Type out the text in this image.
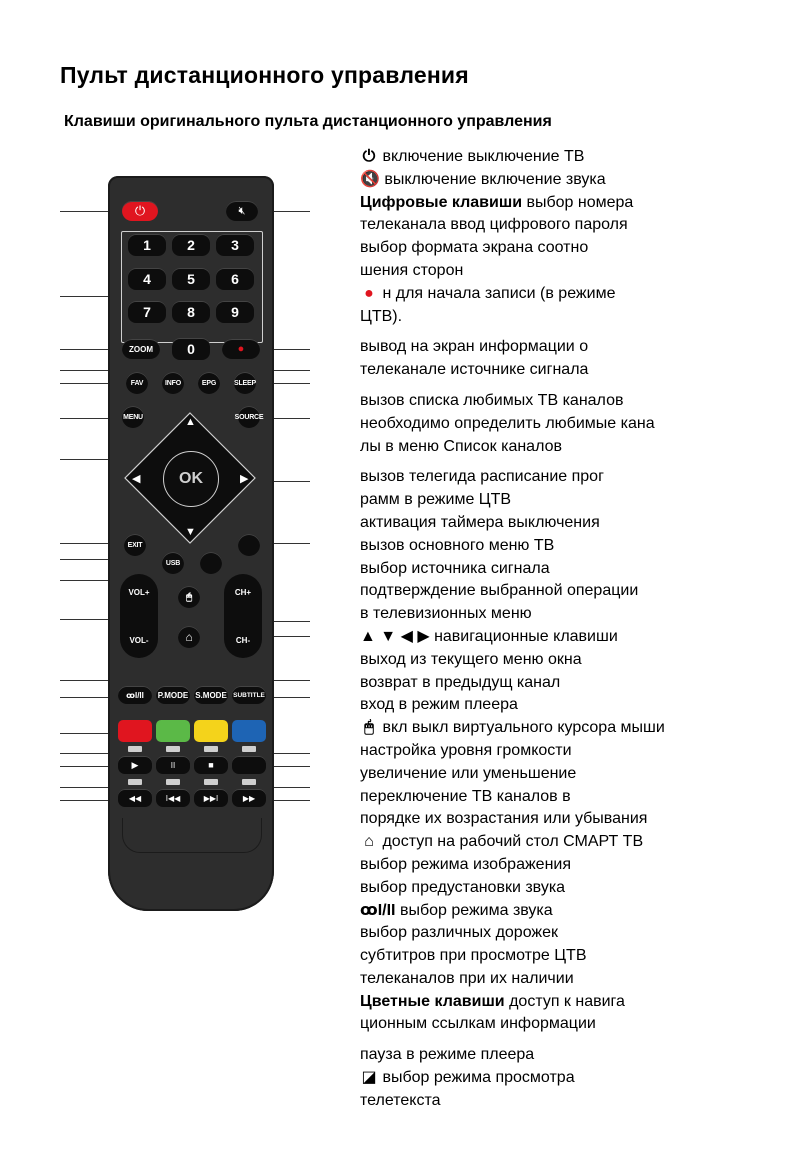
Пульт дистанционного управления
Клавиши оригинального пульта дистанционного управления
⏻	🔇︎
1	2	3
4	5	6
7	8	9
0
ZOOM	●
FAV	INFO	EPG	SLEEP
MENU	SOURCE
▲
▼
◀	▶
OK
EXIT
USB
VOL+
VOL-
CH+
CH-
🖱︎
⌂
ꝏI/II	P.MODE S.MODE SUBTITLE
▶	II	■
◀◀	I◀◀	▶▶I	▶▶

⏻ включение выключение ТВ

🔇 выключение включение звука

Цифровые клавиши выбор номера

телеканала ввод цифрового пароля

выбор формата экрана соотно

шения сторон

● н для начала записи (в режиме

ЦТВ).

вывод на экран информации о

телеканале источнике сигнала

вызов списка любимых ТВ каналов

необходимо определить любимые кана

лы в меню Список каналов

вызов телегида расписание прог

рамм в режиме ЦТВ

активация таймера выключения

вызов основного меню ТВ

выбор источника сигнала

подтверждение выбранной операции

в телевизионных меню

▲ ▼ ◀ ▶ навигационные клавиши

выход из текущего меню окна

возврат в предыдущ канал

вход в режим плеера

🖱 вкл выкл виртуального курсора мыши

настройка уровня громкости

увеличение или уменьшение

переключение ТВ каналов в

порядке их возрастания или убывания

⌂ доступ на рабочий стол СМАРТ ТВ

выбор режима изображения

выбор предустановки звука

ꝏI/II выбор режима звука

выбор различных дорожек

субтитров при просмотре ЦТВ

телеканалов при их наличии

Цветные клавиши доступ к навига

ционным ссылкам информации

пауза в режиме плеера

◪ выбор режима просмотра

телетекста
